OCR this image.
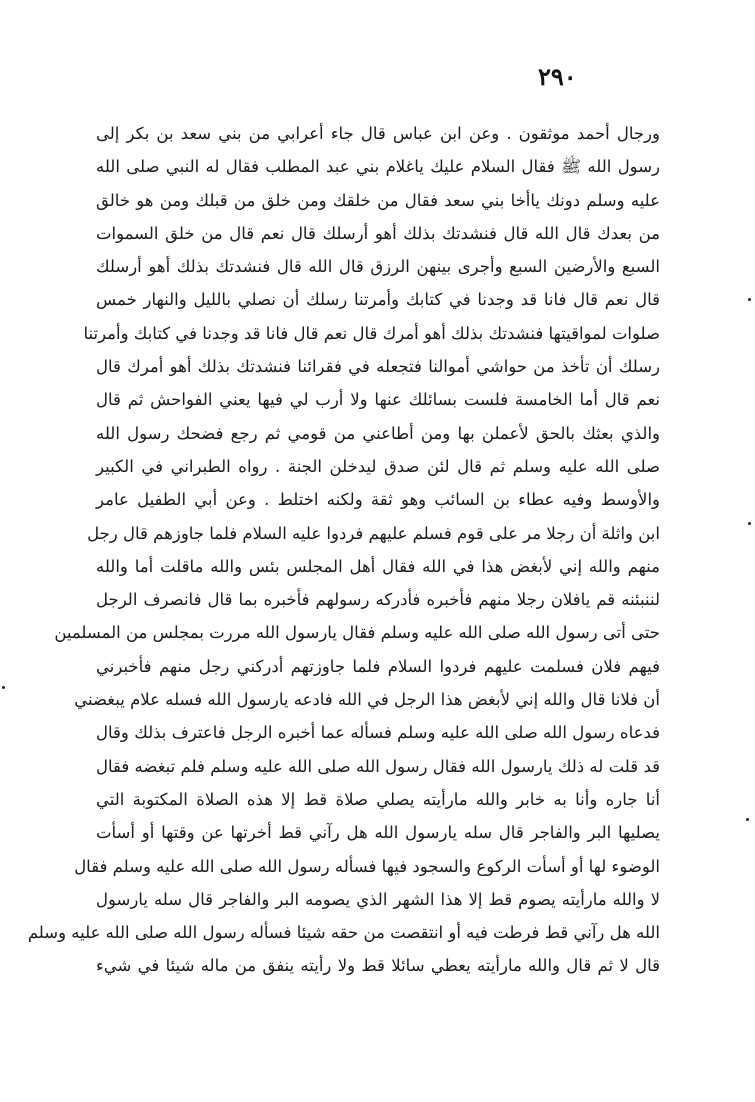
٢٩٠
ورجال أحمد موثقون . وعن ابن عباس قال جاء أعرابي من بني سعد بن بكر إلى
رسول الله ﷺ فقال السلام عليك ياغلام بني عبد المطلب فقال له النبي صلى الله
عليه وسلم دونك ياأخا بني سعد فقال من خلقك ومن خلق من قبلك ومن هو خالق
من بعدك قال الله قال فنشدتك بذلك أهو أرسلك قال نعم قال من خلق السموات
السبع والأرضين السبع وأجرى بينهن الرزق قال الله قال فنشدتك بذلك أهو أرسلك
قال نعم قال فانا قد وجدنا في كتابك وأمرتنا رسلك أن نصلي بالليل والنهار خمس
صلوات لمواقيتها فنشدتك بذلك أهو أمرك قال نعم قال فانا قد وجدنا في كتابك وأمرتنا
رسلك أن تأخذ من حواشي أموالنا فتجعله في فقرائنا فنشدتك بذلك أهو أمرك قال
نعم قال أما الخامسة فلست بسائلك عنها ولا أرب لي فيها يعني الفواحش ثم قال
والذي بعثك بالحق لأعملن بها ومن أطاعني من قومي ثم رجع فضحك رسول الله
صلى الله عليه وسلم ثم قال لئن صدق ليدخلن الجنة . رواه الطبراني في الكبير
والأوسط وفيه عطاء بن السائب وهو ثقة ولكنه اختلط . وعن أبي الطفيل عامر
ابن واثلة أن رجلا مر على قوم فسلم عليهم فردوا عليه السلام فلما جاوزهم قال رجل
منهم والله إني لأبغض هذا في الله فقال أهل المجلس بئس والله ماقلت أما والله
لننبئنه قم يافلان رجلا منهم فأخبره فأدركه رسولهم فأخبره بما قال فانصرف الرجل
حتى أتى رسول الله صلى الله عليه وسلم فقال يارسول الله مررت بمجلس من المسلمين
فيهم فلان فسلمت عليهم فردوا السلام فلما جاوزتهم أدركني رجل منهم فأخبرني
أن فلانا قال والله إني لأبغض هذا الرجل في الله فادعه يارسول الله فسله علام يبغضني
فدعاه رسول الله صلى الله عليه وسلم فسأله عما أخبره الرجل فاعترف بذلك وقال
قد قلت له ذلك يارسول الله فقال رسول الله صلى الله عليه وسلم فلم تبغضه فقال
أنا جاره وأنا به خابر والله مارأيته يصلي صلاة قط إلا هذه الصلاة المكتوبة التي
يصليها البر والفاجر قال سله يارسول الله هل رآني قط أخرتها عن وقتها أو أسأت
الوضوء لها أو أسأت الركوع والسجود فيها فسأله رسول الله صلى الله عليه وسلم فقال
لا والله مارأيته يصوم قط إلا هذا الشهر الذي يصومه البر والفاجر قال سله يارسول
الله هل رآني قط فرطت فيه أو انتقصت من حقه شيئا فسأله رسول الله صلى الله عليه وسلم
قال لا ثم قال والله مارأيته يعطي سائلا قط ولا رأيته ينفق من ماله شيئا في شيء
